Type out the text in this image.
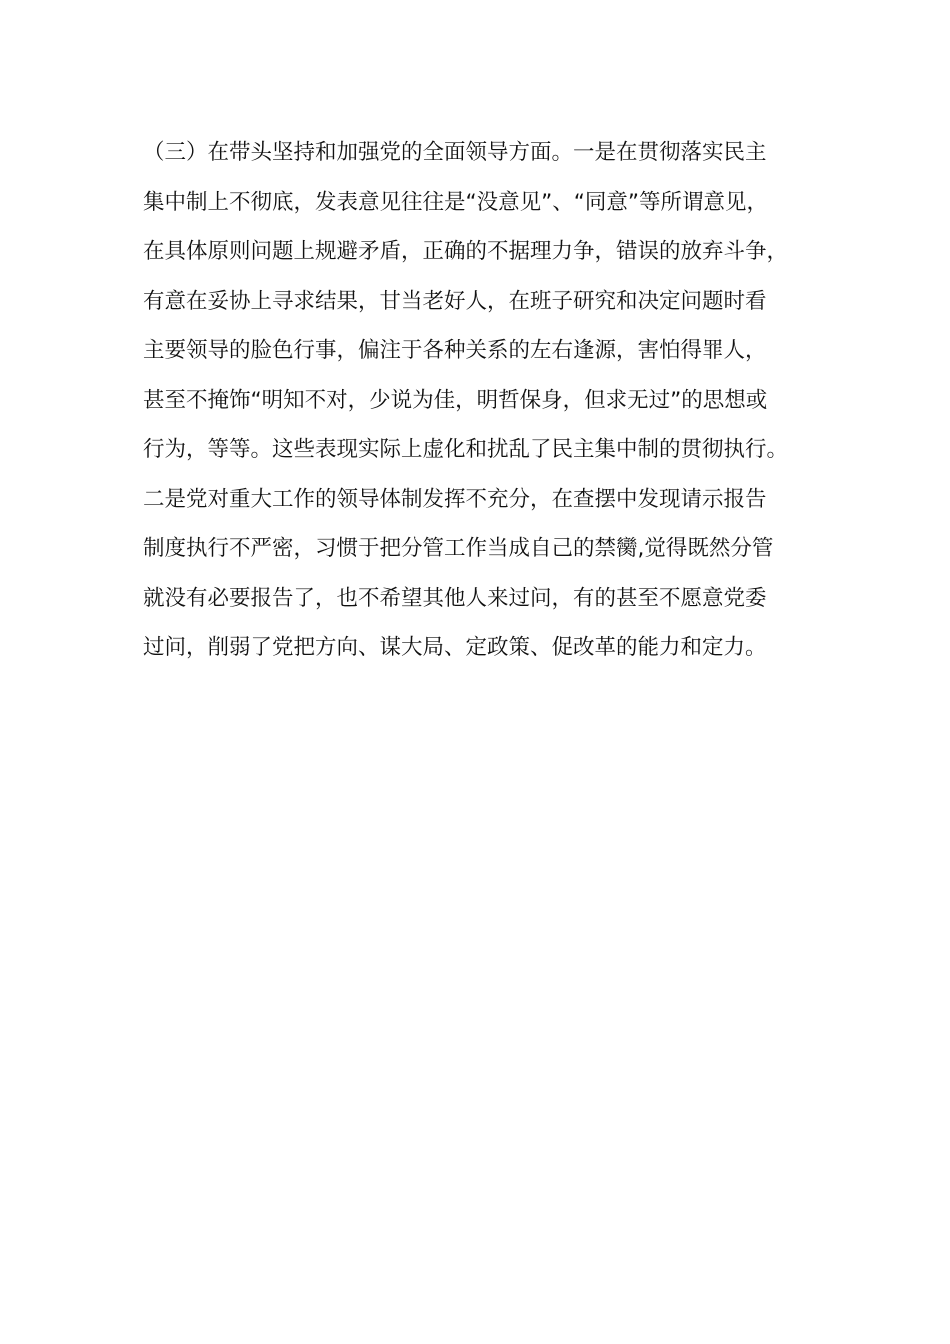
（三）在带头坚持和加强党的全面领导方面。一是在贯彻落实民主
集中制上不彻底，发表意见往往是“没意见”、“同意”等所谓意见，
在具体原则问题上规避矛盾，正确的不据理力争，错误的放弃斗争，
有意在妥协上寻求结果，甘当老好人，在班子研究和决定问题时看
主要领导的脸色行事，偏注于各种关系的左右逢源，害怕得罪人，
甚至不掩饰“明知不对，少说为佳，明哲保身，但求无过”的思想或
行为，等等。这些表现实际上虚化和扰乱了民主集中制的贯彻执行。
二是党对重大工作的领导体制发挥不充分，在查摆中发现请示报告
制度执行不严密，习惯于把分管工作当成自己的禁臠,觉得既然分管
就没有必要报告了，也不希望其他人来过问，有的甚至不愿意党委
过问，削弱了党把方向、谋大局、定政策、促改革的能力和定力。
